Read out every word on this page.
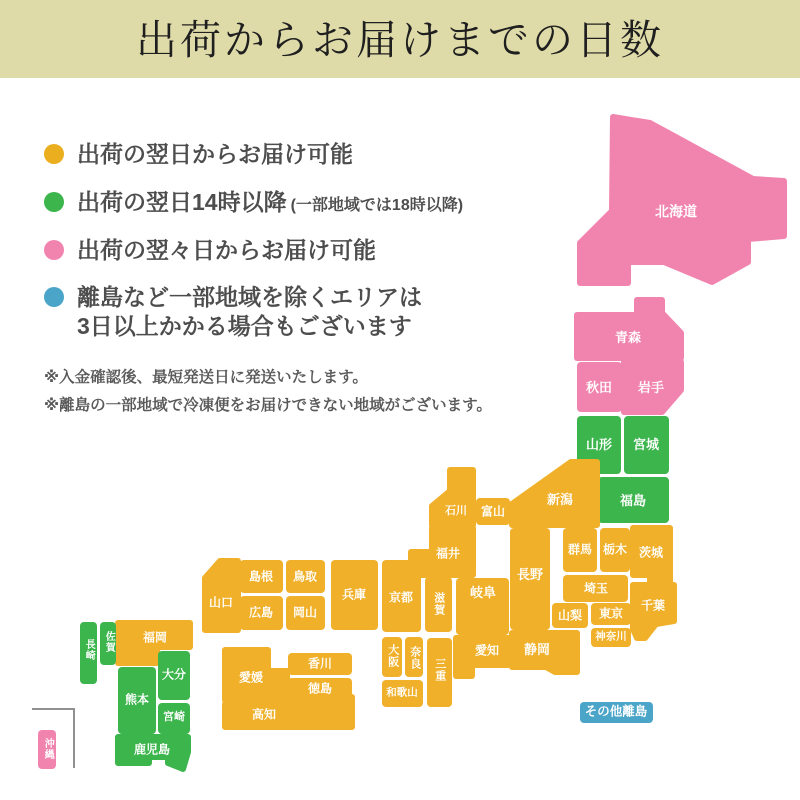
出荷からお届けまでの日数
出荷の翌日からお届け可能
出荷の翌日14時以降 (一部地域では18時以降)
出荷の翌々日からお届け可能
離島など一部地域を除くエリアは
3日以上かかる場合もございます
※入金確認後、最短発送日に発送いたします。
※離島の一部地域で冷凍便をお届けできない地域がございます。
北海道
青森
秋田 岩手
山形 宮城
福島
新潟
富山
石川
福井
長野
群馬 栃木 茨城
埼玉
山梨 東京
神奈川
千葉
静岡
岐阜
愛知
京都 滋賀
兵庫
大阪 奈良 三重
和歌山
鳥取
島根
岡山
広島
山口
香川
徳島
愛媛
高知
福岡
佐賀
長崎
大分
熊本
宮崎
鹿児島
沖縄
その他離島
